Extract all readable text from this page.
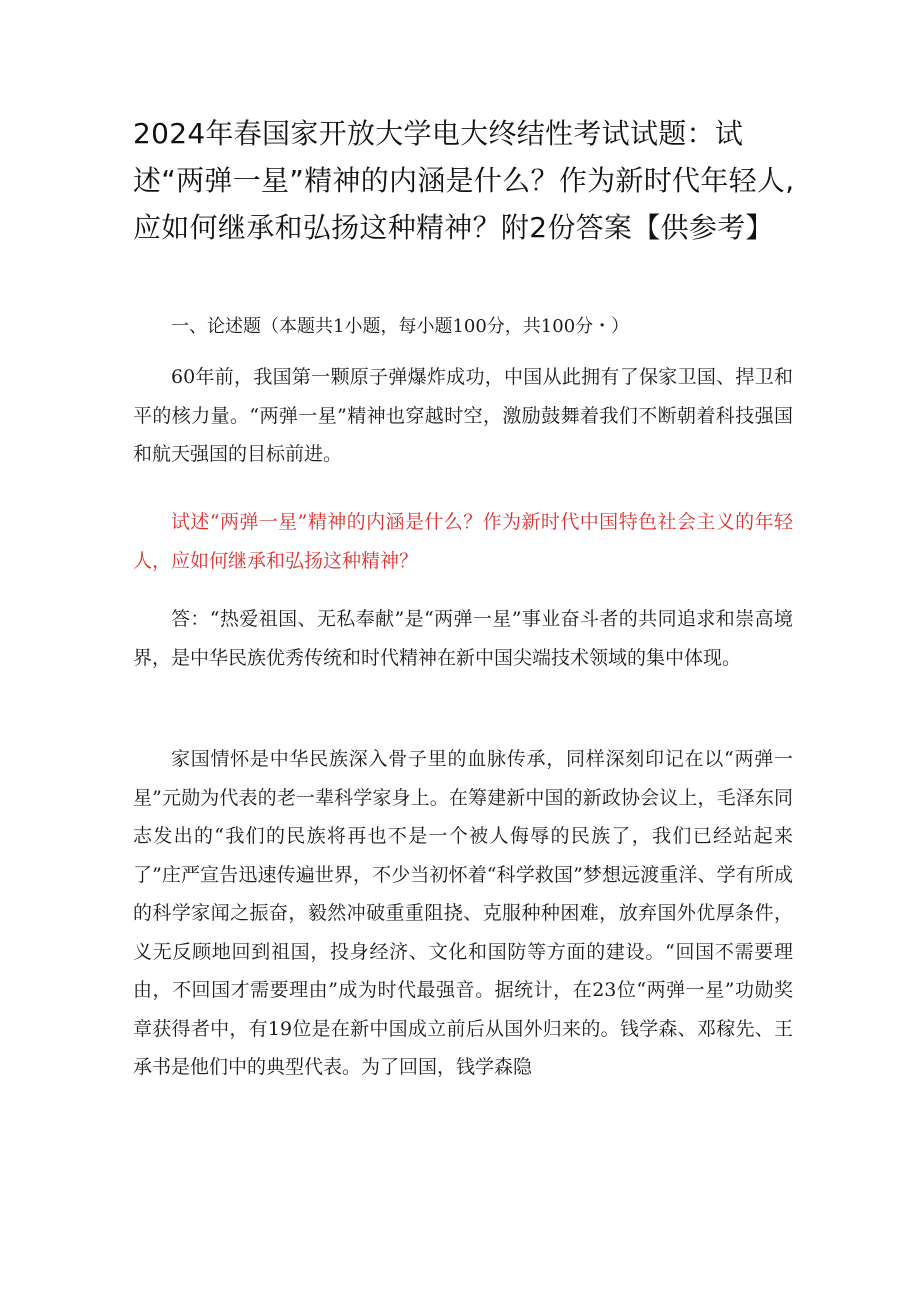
2024年春国家开放大学电大终结性考试试题：试述“两弹一星”精神的内涵是什么？作为新时代年轻人,应如何继承和弘扬这种精神？附2份答案【供参考】

一、论述题（本题共1小题，每小题100分，共100分・）

60年前，我国第一颗原子弹爆炸成功，中国从此拥有了保家卫国、捍卫和平的核力量。“两弹一星”精神也穿越时空，激励鼓舞着我们不断朝着科技强国和航天强国的目标前进。

试述“两弹一星”精神的内涵是什么？作为新时代中国特色社会主义的年轻人，应如何继承和弘扬这种精神？

答：“热爱祖国、无私奉献”是“两弹一星”事业奋斗者的共同追求和崇高境界，是中华民族优秀传统和时代精神在新中国尖端技术领域的集中体现。

家国情怀是中华民族深入骨子里的血脉传承，同样深刻印记在以“两弹一星”元勋为代表的老一辈科学家身上。在筹建新中国的新政协会议上，毛泽东同志发出的“我们的民族将再也不是一个被人侮辱的民族了，我们已经站起来了”庄严宣告迅速传遍世界，不少当初怀着“科学救国”梦想远渡重洋、学有所成的科学家闻之振奋，毅然冲破重重阻挠、克服种种困难，放弃国外优厚条件，义无反顾地回到祖国，投身经济、文化和国防等方面的建设。“回国不需要理由，不回国才需要理由”成为时代最强音。据统计，在23位“两弹一星”功勋奖章获得者中，有19位是在新中国成立前后从国外归来的。钱学森、邓稼先、王承书是他们中的典型代表。为了回国，钱学森隐
